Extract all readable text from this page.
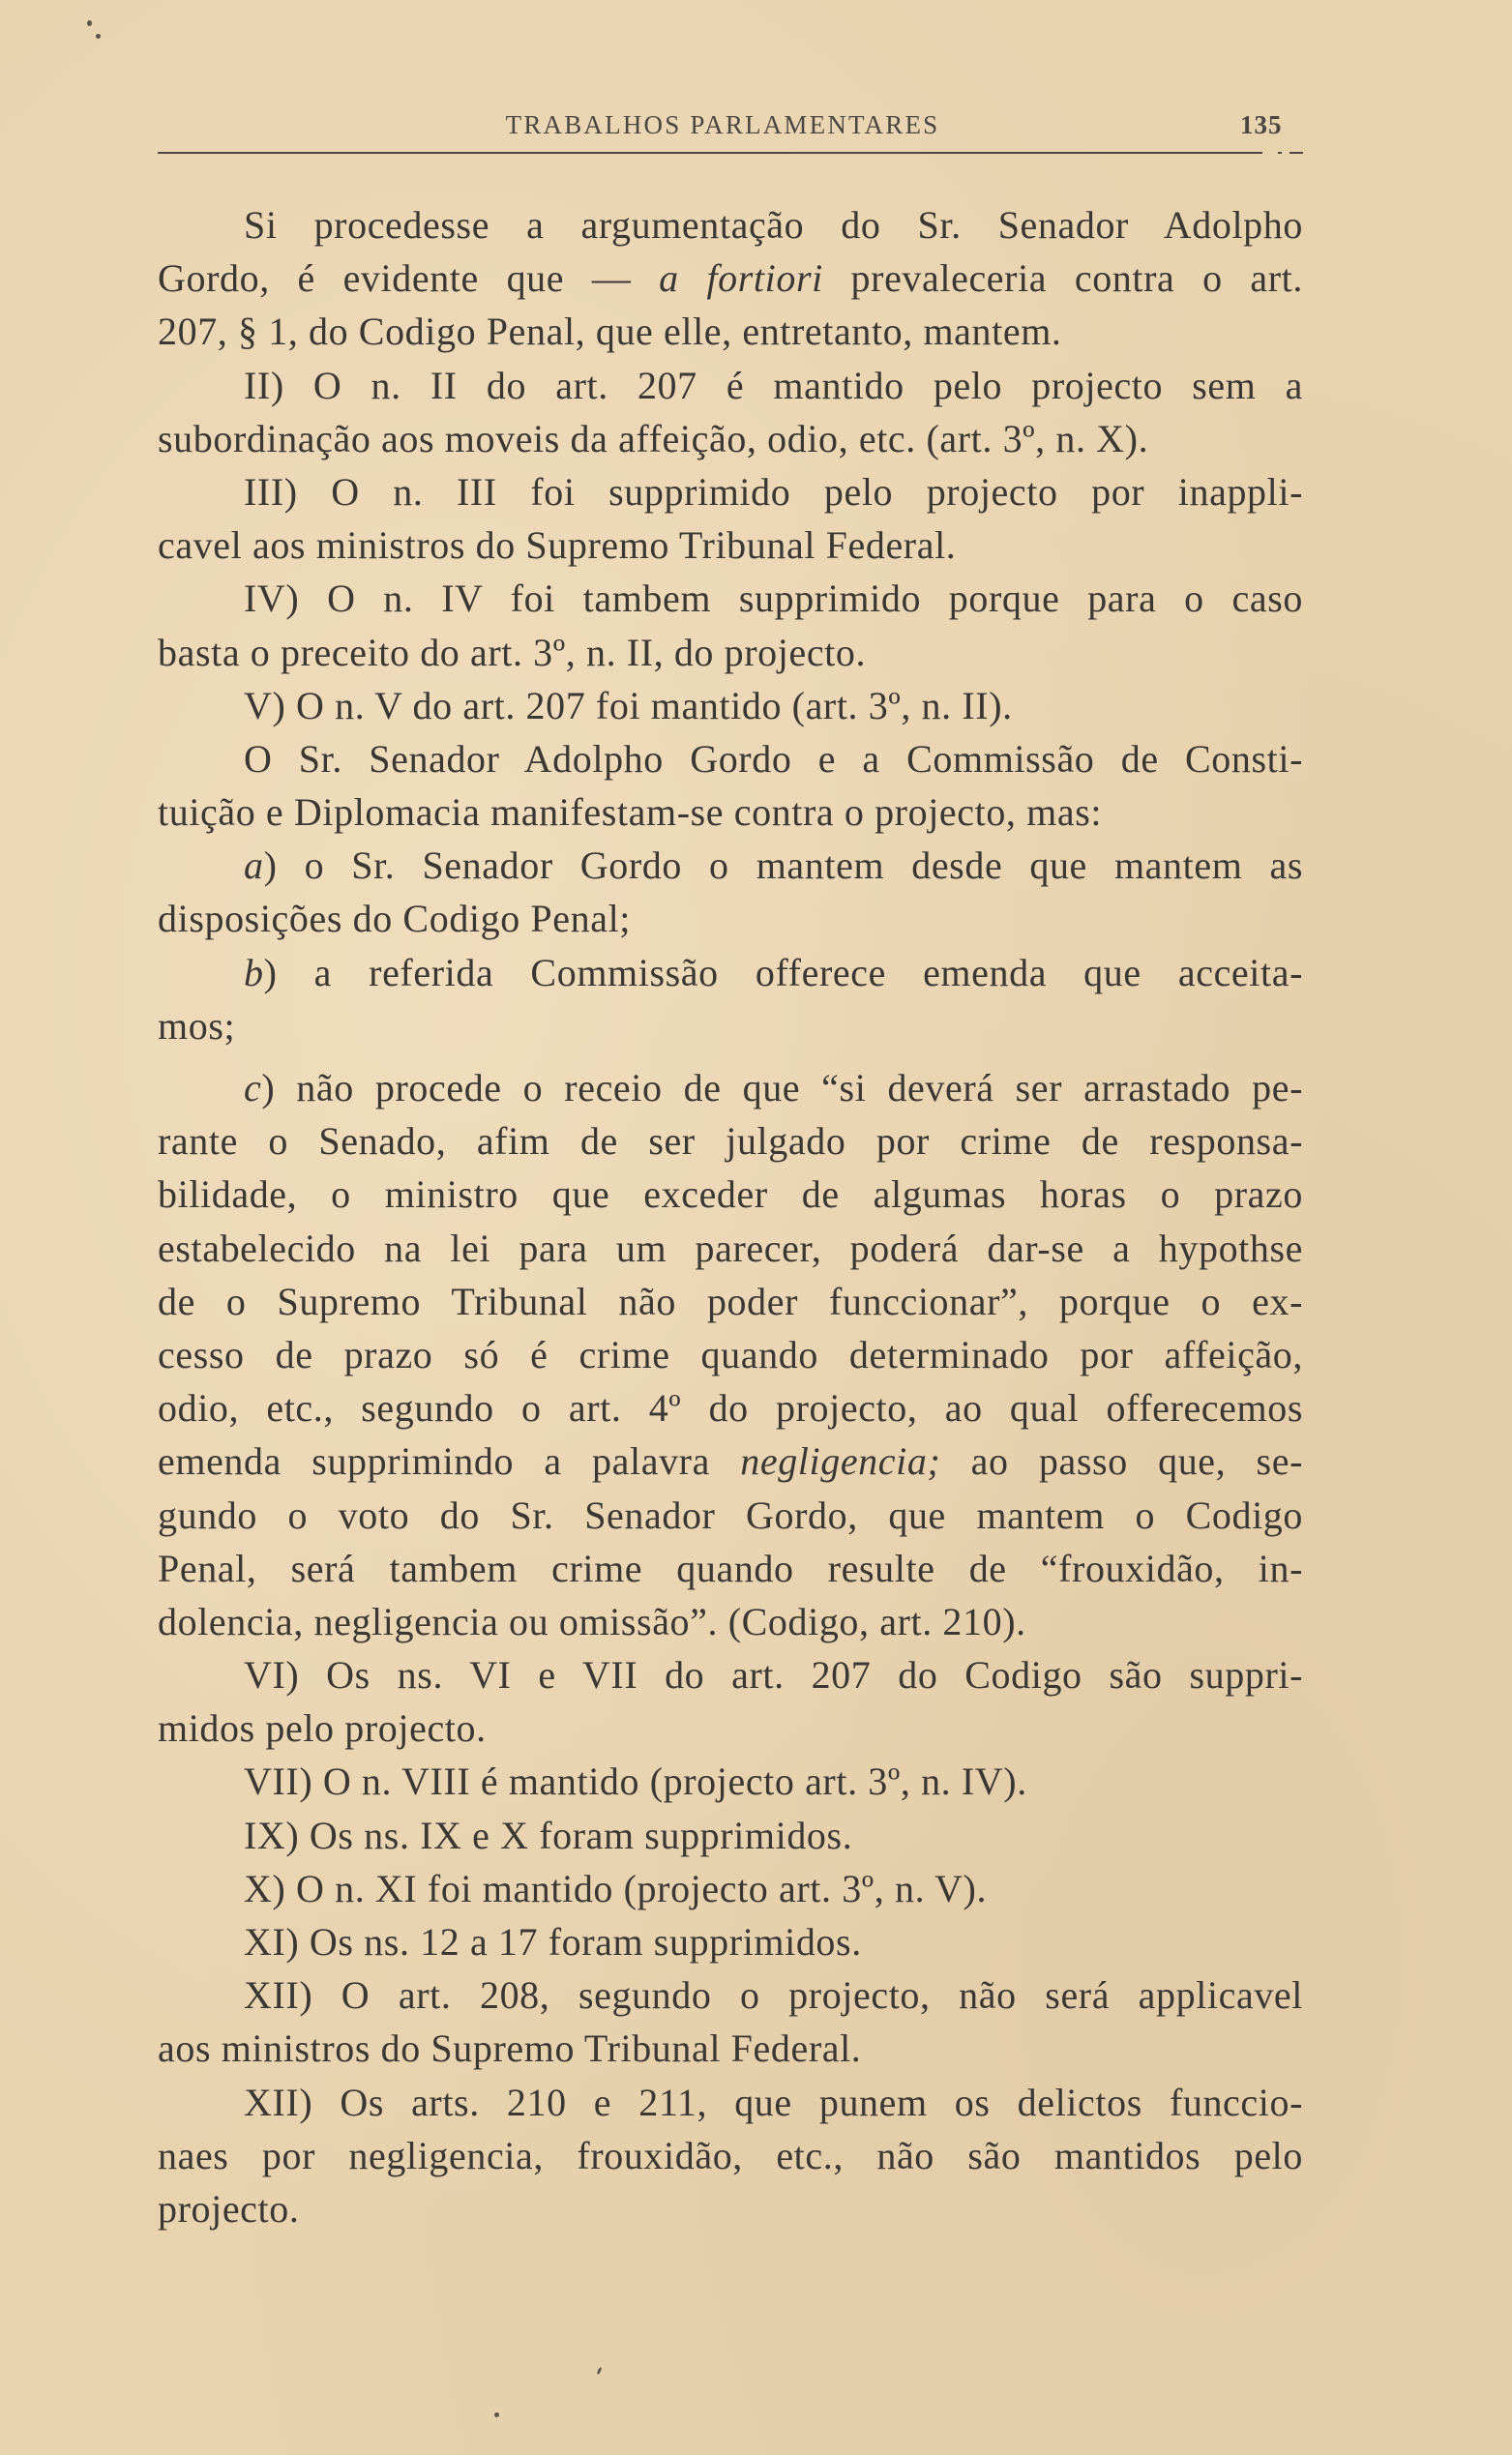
TRABALHOS PARLAMENTARES	135
Si procedesse a argumentação do Sr. Senador Adolpho
Gordo, é evidente que — a fortiori prevaleceria contra o art.
207, § 1, do Codigo Penal, que elle, entretanto, mantem.
II) O n. II do art. 207 é mantido pelo projecto sem a
subordinação aos moveis da affeição, odio, etc. (art. 3º, n. X).
III) O n. III foi supprimido pelo projecto por inappli-
cavel aos ministros do Supremo Tribunal Federal.
IV) O n. IV foi tambem supprimido porque para o caso
basta o preceito do art. 3º, n. II, do projecto.
V) O n. V do art. 207 foi mantido (art. 3º, n. II).
O Sr. Senador Adolpho Gordo e a Commissão de Consti-
tuição e Diplomacia manifestam-se contra o projecto, mas:
a) o Sr. Senador Gordo o mantem desde que mantem as
disposições do Codigo Penal;
b) a referida Commissão offerece emenda que acceita-
mos;
c) não procede o receio de que “si deverá ser arrastado pe-
rante o Senado, afim de ser julgado por crime de responsa-
bilidade, o ministro que exceder de algumas horas o prazo
estabelecido na lei para um parecer, poderá dar-se a hypothse
de o Supremo Tribunal não poder funccionar”, porque o ex-
cesso de prazo só é crime quando determinado por affeição,
odio, etc., segundo o art. 4º do projecto, ao qual offerecemos
emenda supprimindo a palavra negligencia; ao passo que, se-
gundo o voto do Sr. Senador Gordo, que mantem o Codigo
Penal, será tambem crime quando resulte de “frouxidão, in-
dolencia, negligencia ou omissão”. (Codigo, art. 210).
VI) Os ns. VI e VII do art. 207 do Codigo são suppri-
midos pelo projecto.
VII) O n. VIII é mantido (projecto art. 3º, n. IV).
IX) Os ns. IX e X foram supprimidos.
X) O n. XI foi mantido (projecto art. 3º, n. V).
XI) Os ns. 12 a 17 foram supprimidos.
XII) O art. 208, segundo o projecto, não será applicavel
aos ministros do Supremo Tribunal Federal.
XII) Os arts. 210 e 211, que punem os delictos funccio-
naes por negligencia, frouxidão, etc., não são mantidos pelo
projecto.
